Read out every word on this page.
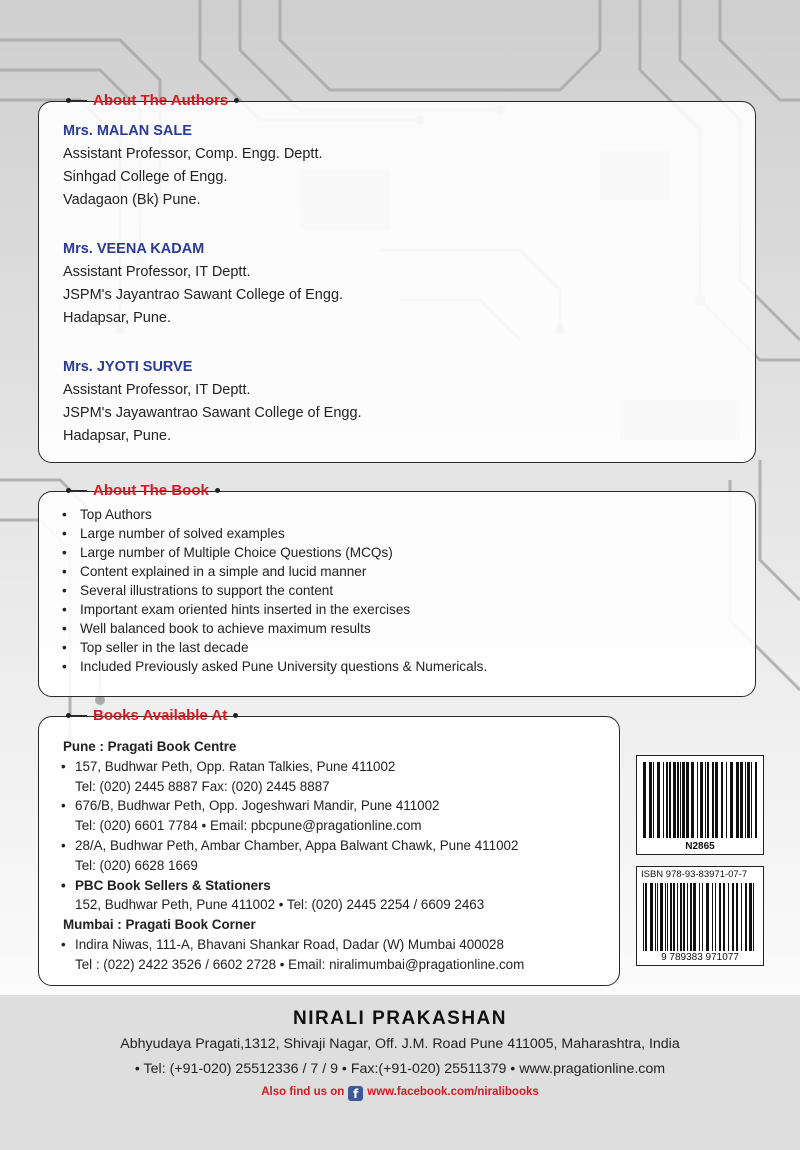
About The Authors
Mrs. MALAN SALE
Assistant Professor, Comp. Engg. Deptt.
Sinhgad College of Engg.
Vadagaon (Bk) Pune.
Mrs. VEENA KADAM
Assistant Professor, IT Deptt.
JSPM's Jayantrao Sawant College of Engg.
Hadapsar, Pune.
Mrs. JYOTI SURVE
Assistant Professor, IT Deptt.
JSPM's Jayawantrao Sawant College of Engg.
Hadapsar, Pune.
About The Book
• Top Authors
• Large number of solved examples
• Large number of Multiple Choice Questions (MCQs)
• Content explained in a simple and lucid manner
• Several illustrations to support the content
• Important exam oriented hints inserted in the exercises
• Well balanced book to achieve maximum results
• Top seller in the last decade
• Included Previously asked Pune University questions & Numericals.
Books Available At
Pune : Pragati Book Centre
• 157, Budhwar Peth, Opp. Ratan Talkies, Pune 411002
Tel: (020) 2445 8887 Fax: (020) 2445 8887
• 676/B, Budhwar Peth, Opp. Jogeshwari Mandir, Pune 411002
Tel: (020) 6601 7784 • Email: pbcpune@pragationline.com
• 28/A, Budhwar Peth, Ambar Chamber, Appa Balwant Chawk, Pune 411002
Tel: (020) 6628 1669
• PBC Book Sellers & Stationers
152, Budhwar Peth, Pune 411002 • Tel: (020) 2445 2254 / 6609 2463
Mumbai : Pragati Book Corner
• Indira Niwas, 111-A, Bhavani Shankar Road, Dadar (W) Mumbai 400028
Tel : (022) 2422 3526 / 6602 2728 • Email: niralimumbai@pragationline.com
N2865
ISBN 978-93-83971-07-7
9 789383 971077
NIRALI PRAKASHAN
Abhyudaya Pragati,1312, Shivaji Nagar, Off. J.M. Road Pune 411005, Maharashtra, India
• Tel: (+91-020) 25512336 / 7 / 9 • Fax:(+91-020) 25511379 • www.pragationline.com
Also find us on f www.facebook.com/niralibooks
